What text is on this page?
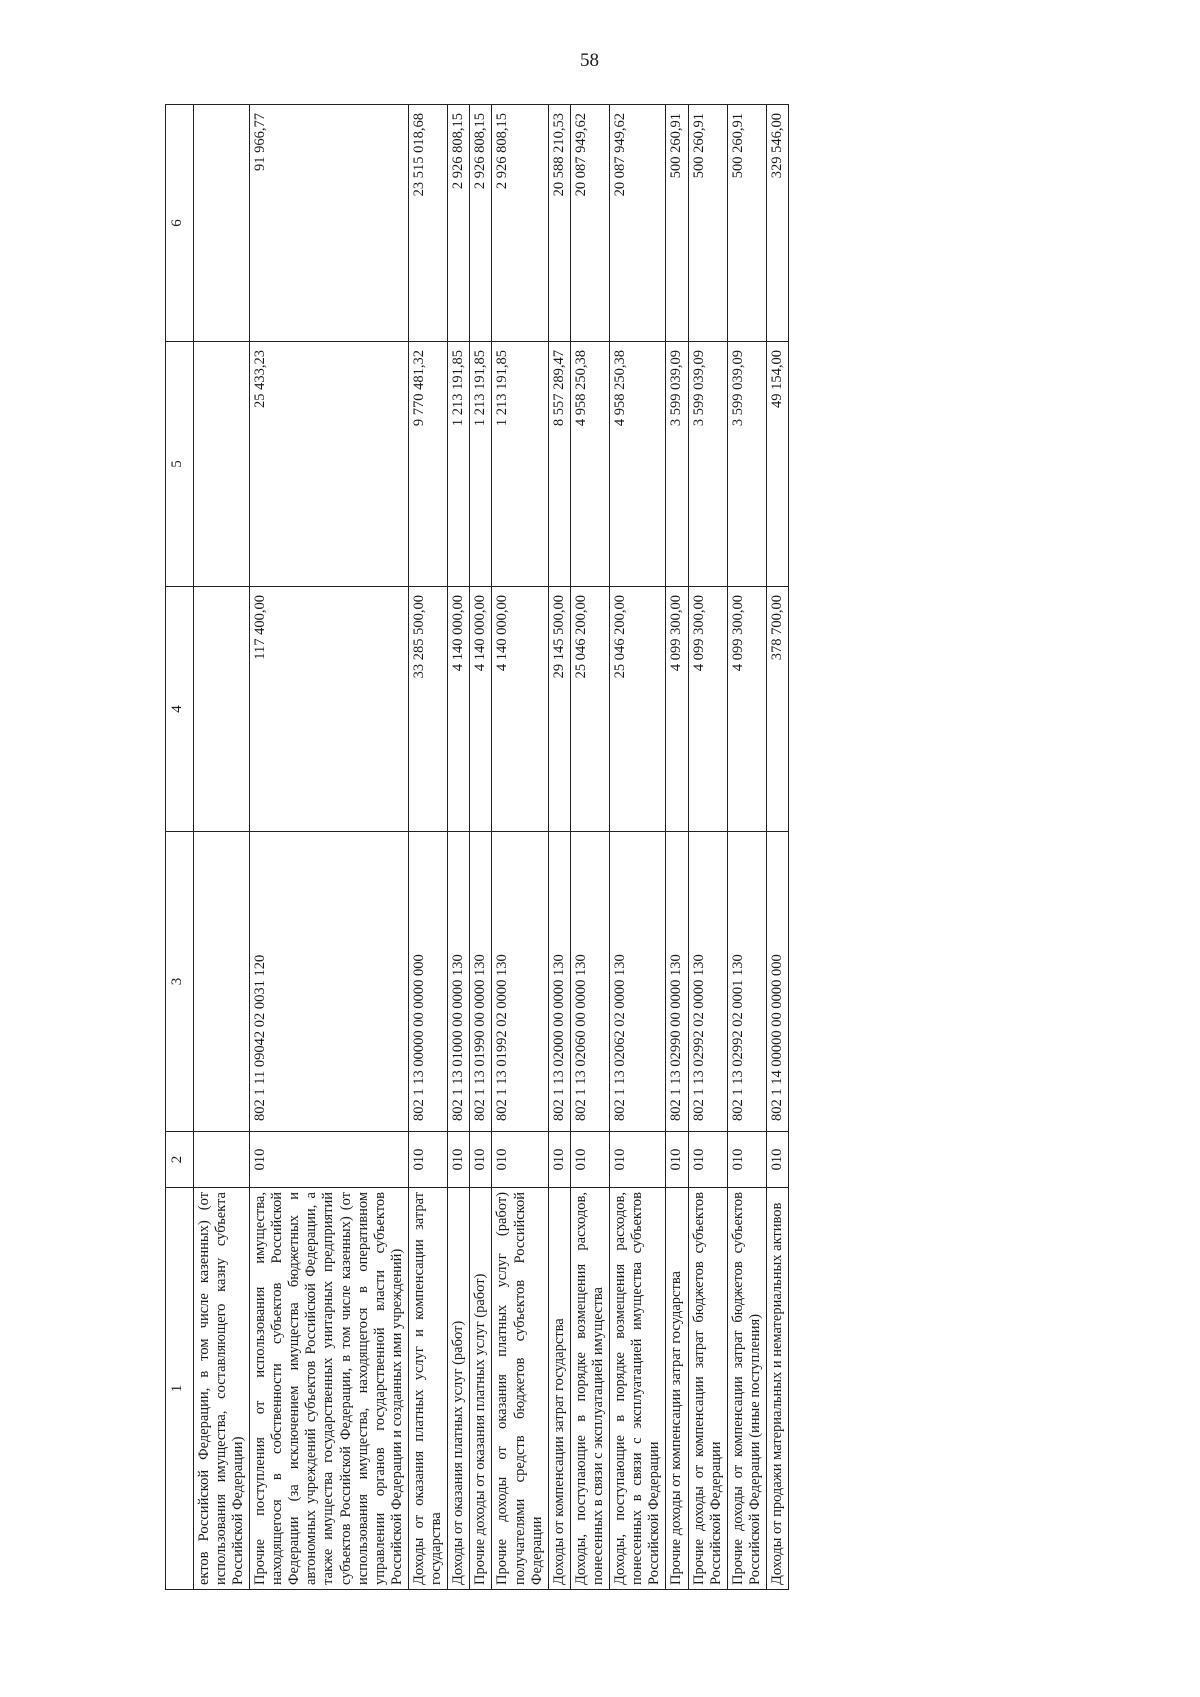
58
1	2	3	4	5	6
ектов Российской Федерации, в том числе казенных) (от использования имущества, составляющего казну субъекта Российской Федерации)					
Прочие поступления от использования имущества, находящегося в собственности субъектов Российской Федерации (за исключением имущества бюджетных и автономных учреждений субъектов Российской Федерации, а также имущества государственных унитарных предприятий субъектов Российской Федерации, в том числе казенных) (от использования имущества, находящегося в оперативном управлении органов государственной власти субъектов Российской Федерации и созданных ими учреждений)	010	802 1 11 09042 02 0031 120	117 400,00	25 433,23	91 966,77
Доходы от оказания платных услуг и компенсации затрат государства	010	802 1 13 00000 00 0000 000	33 285 500,00	9 770 481,32	23 515 018,68
Доходы от оказания платных услуг (работ)	010	802 1 13 01000 00 0000 130	4 140 000,00	1 213 191,85	2 926 808,15
Прочие доходы от оказания платных услуг (работ)	010	802 1 13 01990 00 0000 130	4 140 000,00	1 213 191,85	2 926 808,15
Прочие доходы от оказания платных услуг (работ) получателями средств бюджетов субъектов Российской Федерации	010	802 1 13 01992 02 0000 130	4 140 000,00	1 213 191,85	2 926 808,15
Доходы от компенсации затрат государства	010	802 1 13 02000 00 0000 130	29 145 500,00	8 557 289,47	20 588 210,53
Доходы, поступающие в порядке возмещения расходов, понесенных в связи с эксплуатацией имущества	010	802 1 13 02060 00 0000 130	25 046 200,00	4 958 250,38	20 087 949,62
Доходы, поступающие в порядке возмещения расходов, понесенных в связи с эксплуатацией имущества субъектов Российской Федерации	010	802 1 13 02062 02 0000 130	25 046 200,00	4 958 250,38	20 087 949,62
Прочие доходы от компенсации затрат государства	010	802 1 13 02990 00 0000 130	4 099 300,00	3 599 039,09	500 260,91
Прочие доходы от компенсации затрат бюджетов субъектов Российской Федерации	010	802 1 13 02992 02 0000 130	4 099 300,00	3 599 039,09	500 260,91
Прочие доходы от компенсации затрат бюджетов субъектов Российской Федерации (иные поступления)	010	802 1 13 02992 02 0001 130	4 099 300,00	3 599 039,09	500 260,91
Доходы от продажи материальных и нематериальных активов	010	802 1 14 00000 00 0000 000	378 700,00	49 154,00	329 546,00
